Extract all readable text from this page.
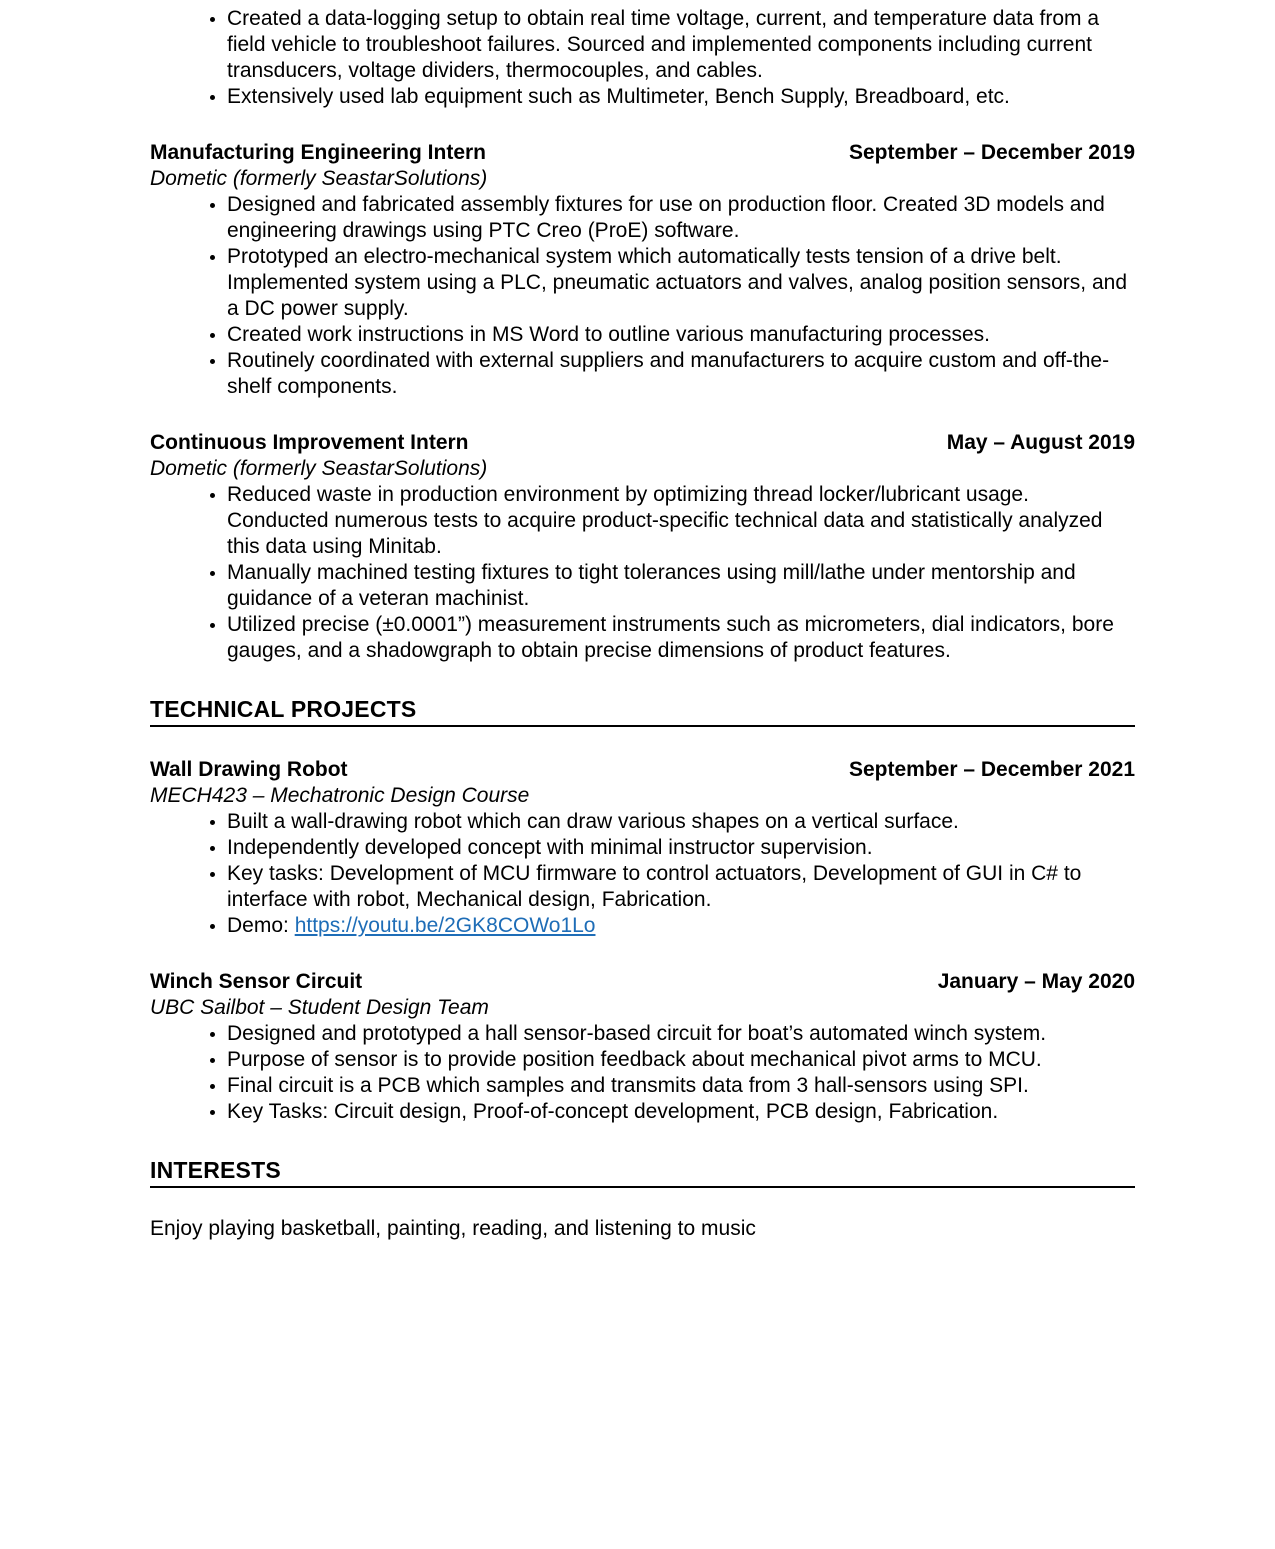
• Created a data-logging setup to obtain real time voltage, current, and temperature data from a field vehicle to troubleshoot failures. Sourced and implemented components including current transducers, voltage dividers, thermocouples, and cables.
• Extensively used lab equipment such as Multimeter, Bench Supply, Breadboard, etc.
Manufacturing Engineering Intern	September – December 2019
Dometic (formerly SeastarSolutions)
• Designed and fabricated assembly fixtures for use on production floor. Created 3D models and engineering drawings using PTC Creo (ProE) software.
• Prototyped an electro-mechanical system which automatically tests tension of a drive belt. Implemented system using a PLC, pneumatic actuators and valves, analog position sensors, and a DC power supply.
• Created work instructions in MS Word to outline various manufacturing processes.
• Routinely coordinated with external suppliers and manufacturers to acquire custom and off-the-shelf components.
Continuous Improvement Intern	May – August 2019
Dometic (formerly SeastarSolutions)
• Reduced waste in production environment by optimizing thread locker/lubricant usage. Conducted numerous tests to acquire product-specific technical data and statistically analyzed this data using Minitab.
• Manually machined testing fixtures to tight tolerances using mill/lathe under mentorship and guidance of a veteran machinist.
• Utilized precise (±0.0001”) measurement instruments such as micrometers, dial indicators, bore gauges, and a shadowgraph to obtain precise dimensions of product features.
TECHNICAL PROJECTS
Wall Drawing Robot	September – December 2021
MECH423 – Mechatronic Design Course
• Built a wall-drawing robot which can draw various shapes on a vertical surface.
• Independently developed concept with minimal instructor supervision.
• Key tasks: Development of MCU firmware to control actuators, Development of GUI in C# to interface with robot, Mechanical design, Fabrication.
• Demo: https://youtu.be/2GK8COWo1Lo
Winch Sensor Circuit	January – May 2020
UBC Sailbot – Student Design Team
• Designed and prototyped a hall sensor-based circuit for boat’s automated winch system.
• Purpose of sensor is to provide position feedback about mechanical pivot arms to MCU.
• Final circuit is a PCB which samples and transmits data from 3 hall-sensors using SPI.
• Key Tasks: Circuit design, Proof-of-concept development, PCB design, Fabrication.
INTERESTS

Enjoy playing basketball, painting, reading, and listening to music
